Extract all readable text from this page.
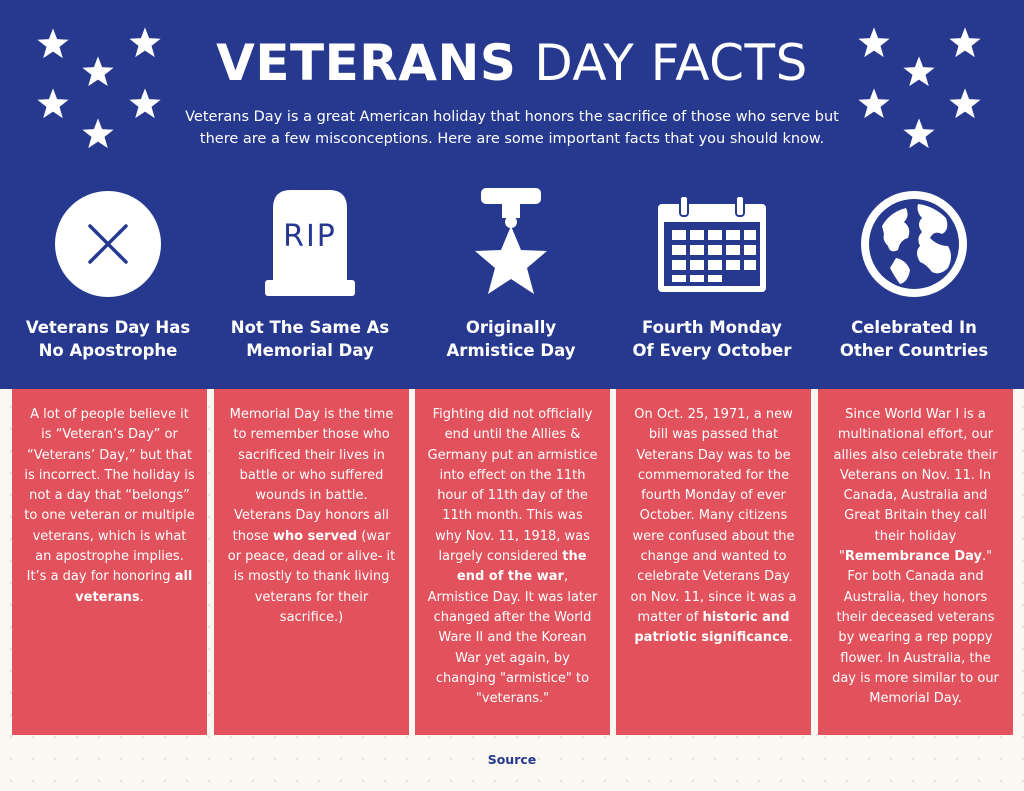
VETERANS DAY FACTS
Veterans Day is a great American holiday that honors the sacrifice of those who serve but
there are a few misconceptions. Here are some important facts that you should know.
Veterans Day Has
No Apostrophe
RIP
Not The Same As
Memorial Day
Originally
Armistice Day
Fourth Monday
Of Every October
Celebrated In
Other Countries
A lot of people believe it is “Veteran’s Day” or “Veterans’ Day,” but that is incorrect. The holiday is not a day that “belongs” to one veteran or multiple veterans, which is what an apostrophe implies. It’s a day for honoring all veterans.
Memorial Day is the time to remember those who sacrificed their lives in battle or who suffered wounds in battle. Veterans Day honors all those who served (war or peace, dead or alive- it is mostly to thank living veterans for their sacrifice.)
Fighting did not officially end until the Allies & Germany put an armistice into effect on the 11th hour of 11th day of the 11th month. This was why Nov. 11, 1918, was largely considered the end of the war, Armistice Day. It was later changed after the World Ware II and the Korean War yet again, by changing "armistice" to "veterans."
On Oct. 25, 1971, a new bill was passed that Veterans Day was to be commemorated for the fourth Monday of ever October. Many citizens were confused about the change and wanted to celebrate Veterans Day on Nov. 11, since it was a matter of historic and patriotic significance.
Since World War I is a multinational effort, our allies also celebrate their Veterans on Nov. 11. In Canada, Australia and Great Britain they call their holiday "Remembrance Day." For both Canada and Australia, they honors their deceased veterans by wearing a rep poppy flower. In Australia, the day is more similar to our Memorial Day.
Source
